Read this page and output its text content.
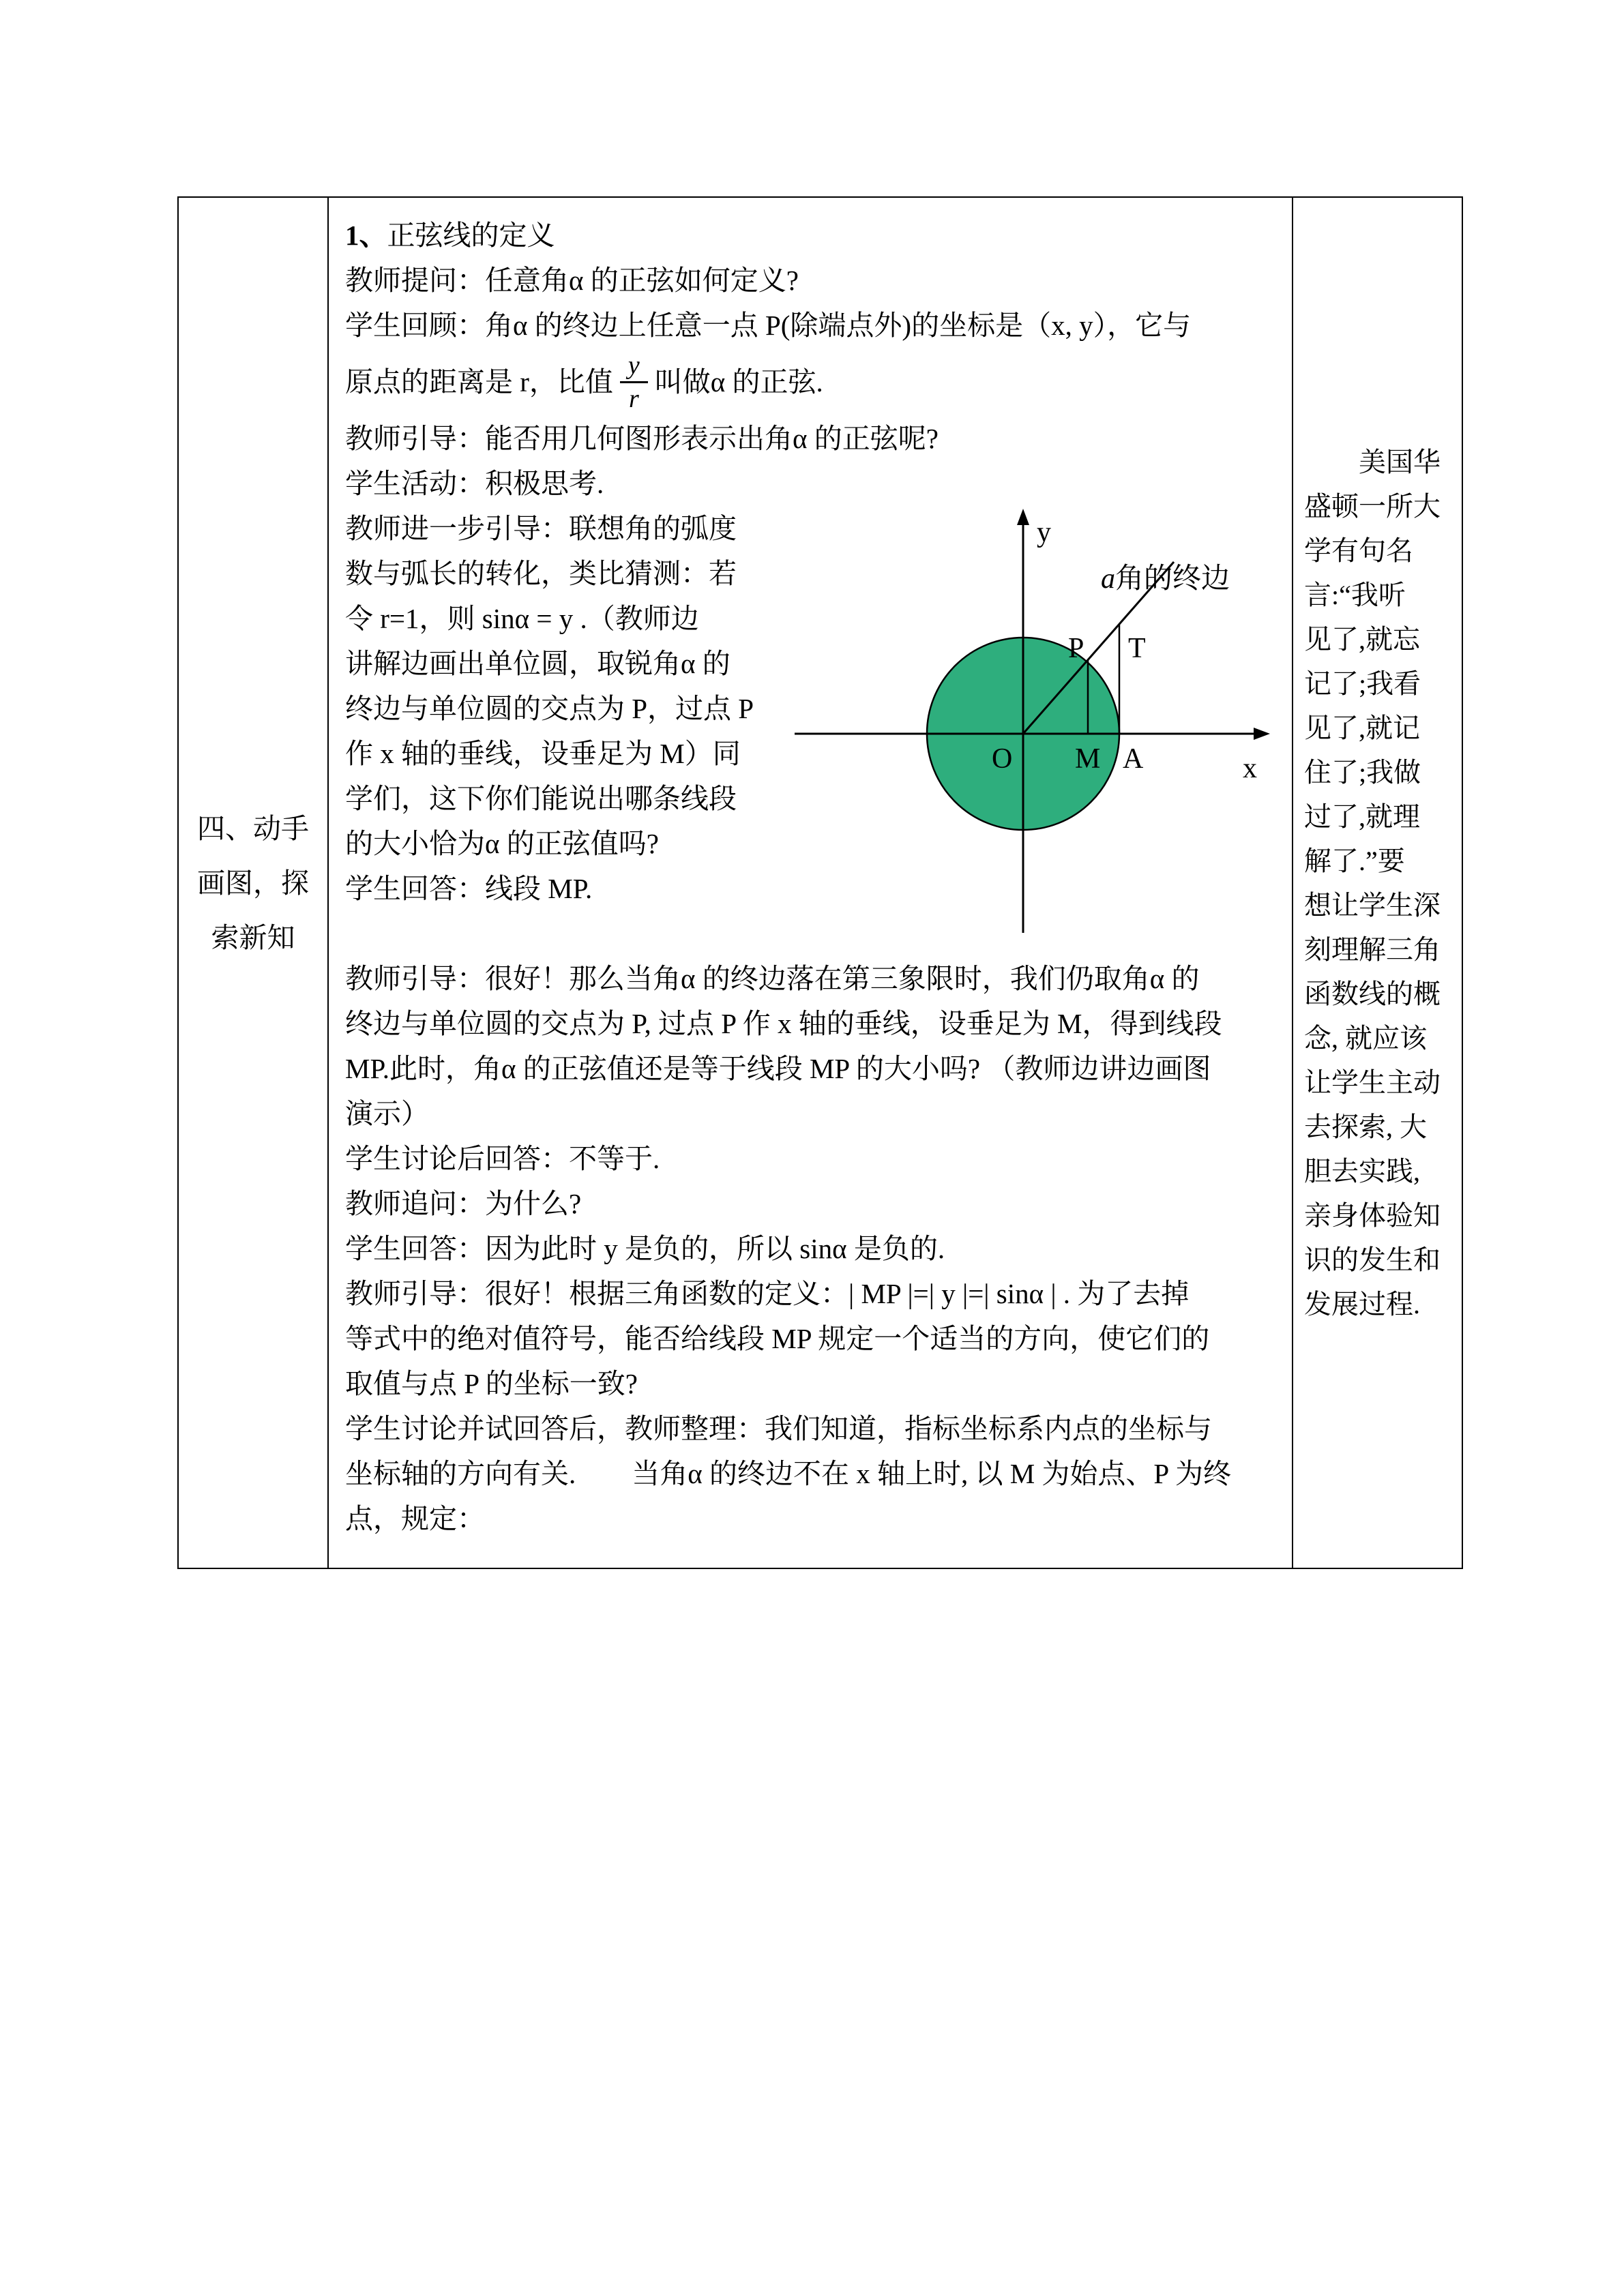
四、动手
画图，探
索新知

1、正弦线的定义
教师提问：任意角α 的正弦如何定义?
学生回顾：角α 的终边上任意一点 P(除端点外)的坐标是（x, y），它与
原点的距离是 r，比值 $\frac{y}{r}$ 叫做α 的正弦.
教师引导：能否用几何图形表示出角α 的正弦呢?
学生活动：积极思考.
教师进一步引导：联想角的弧度
数与弧长的转化，类比猜测：若
令 r=1，则 sinα = y .（教师边
讲解边画出单位圆，取锐角α 的
终边与单位圆的交点为 P，过点 P
作 x 轴的垂线，设垂足为 M）同
学们，这下你们能说出哪条线段
的大小恰为α 的正弦值吗?
学生回答：线段 MP.
y
x
O M A
P T
a角的终边
教师引导：很好！那么当角α 的终边落在第三象限时，我们仍取角α 的
终边与单位圆的交点为 P, 过点 P 作 x 轴的垂线，设垂足为 M，得到线段
MP.此时，角α 的正弦值还是等于线段 MP 的大小吗? （教师边讲边画图
演示）
学生讨论后回答：不等于.
教师追问：为什么?
学生回答：因为此时 y 是负的，所以 sinα 是负的.
教师引导：很好！根据三角函数的定义：| MP |=| y |=| sinα | . 为了去掉
等式中的绝对值符号，能否给线段 MP 规定一个适当的方向，使它们的
取值与点 P 的坐标一致?
学生讨论并试回答后，教师整理：我们知道，指标坐标系内点的坐标与
坐标轴的方向有关.　　当角α 的终边不在 x 轴上时, 以 M 为始点、P 为终
点，规定：

美国华
盛顿一所大
学有句名
言:“我听
见了,就忘
记了;我看
见了,就记
住了;我做
过了,就理
解了.”要
想让学生深
刻理解三角
函数线的概
念, 就应该
让学生主动
去探索, 大
胆去实践,
亲身体验知
识的发生和
发展过程.
